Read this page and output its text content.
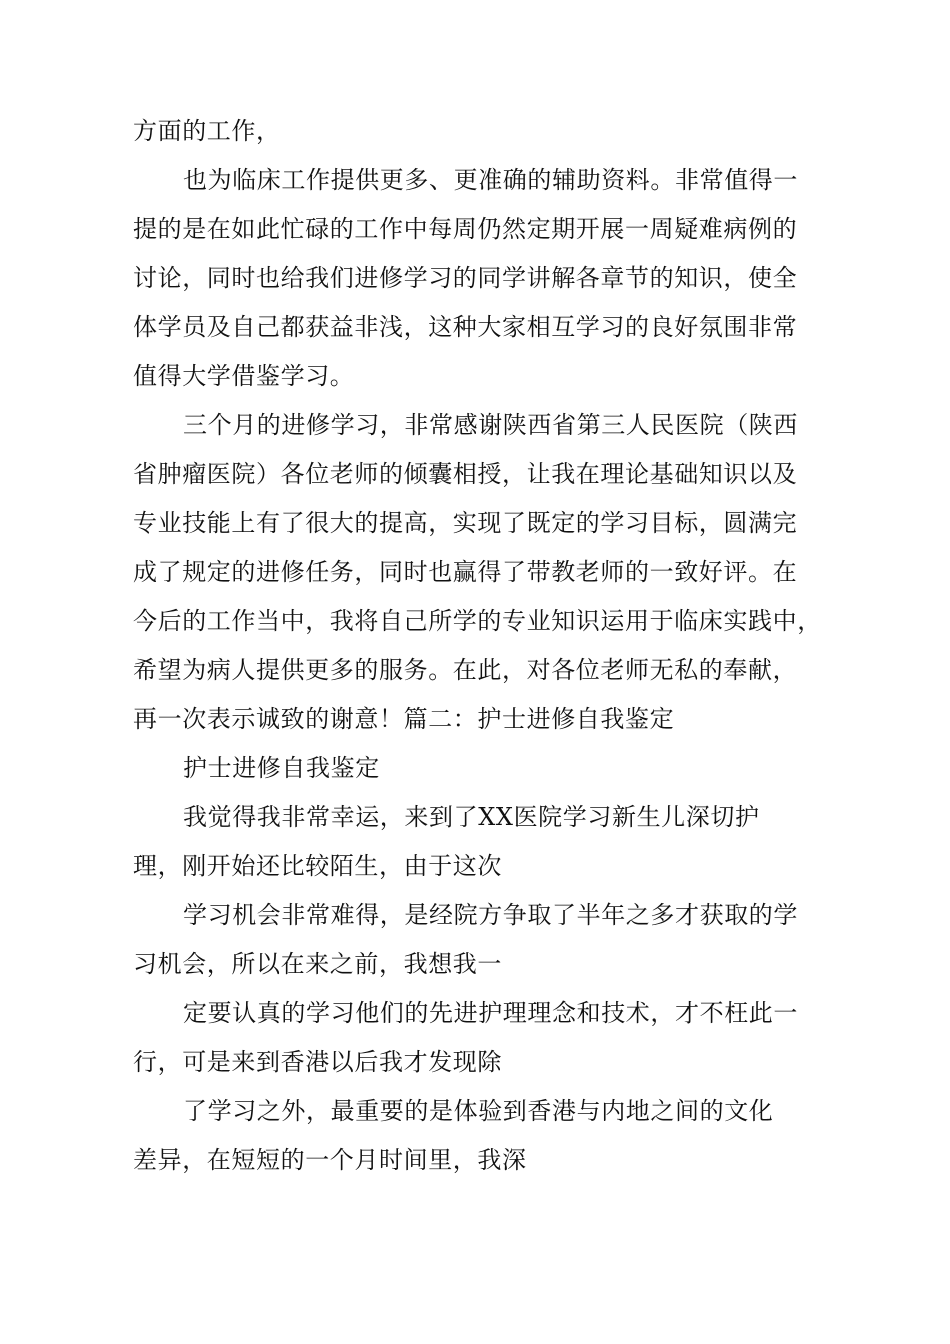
方面的工作，
也为临床工作提供更多、更准确的辅助资料。非常值得一
提的是在如此忙碌的工作中每周仍然定期开展一周疑难病例的
讨论，同时也给我们进修学习的同学讲解各章节的知识，使全
体学员及自己都获益非浅，这种大家相互学习的良好氛围非常
值得大学借鉴学习。
三个月的进修学习，非常感谢陕西省第三人民医院（陕西
省肿瘤医院）各位老师的倾囊相授，让我在理论基础知识以及
专业技能上有了很大的提高，实现了既定的学习目标，圆满完
成了规定的进修任务，同时也赢得了带教老师的一致好评。在
今后的工作当中，我将自己所学的专业知识运用于临床实践中，
希望为病人提供更多的服务。在此，对各位老师无私的奉献，
再一次表示诚致的谢意！篇二：护士进修自我鉴定
护士进修自我鉴定
我觉得我非常幸运，来到了XX医院学习新生儿深切护
理，刚开始还比较陌生，由于这次
学习机会非常难得，是经院方争取了半年之多才获取的学
习机会，所以在来之前，我想我一
定要认真的学习他们的先进护理理念和技术，才不枉此一
行，可是来到香港以后我才发现除
了学习之外，最重要的是体验到香港与内地之间的文化
差异，在短短的一个月时间里，我深
